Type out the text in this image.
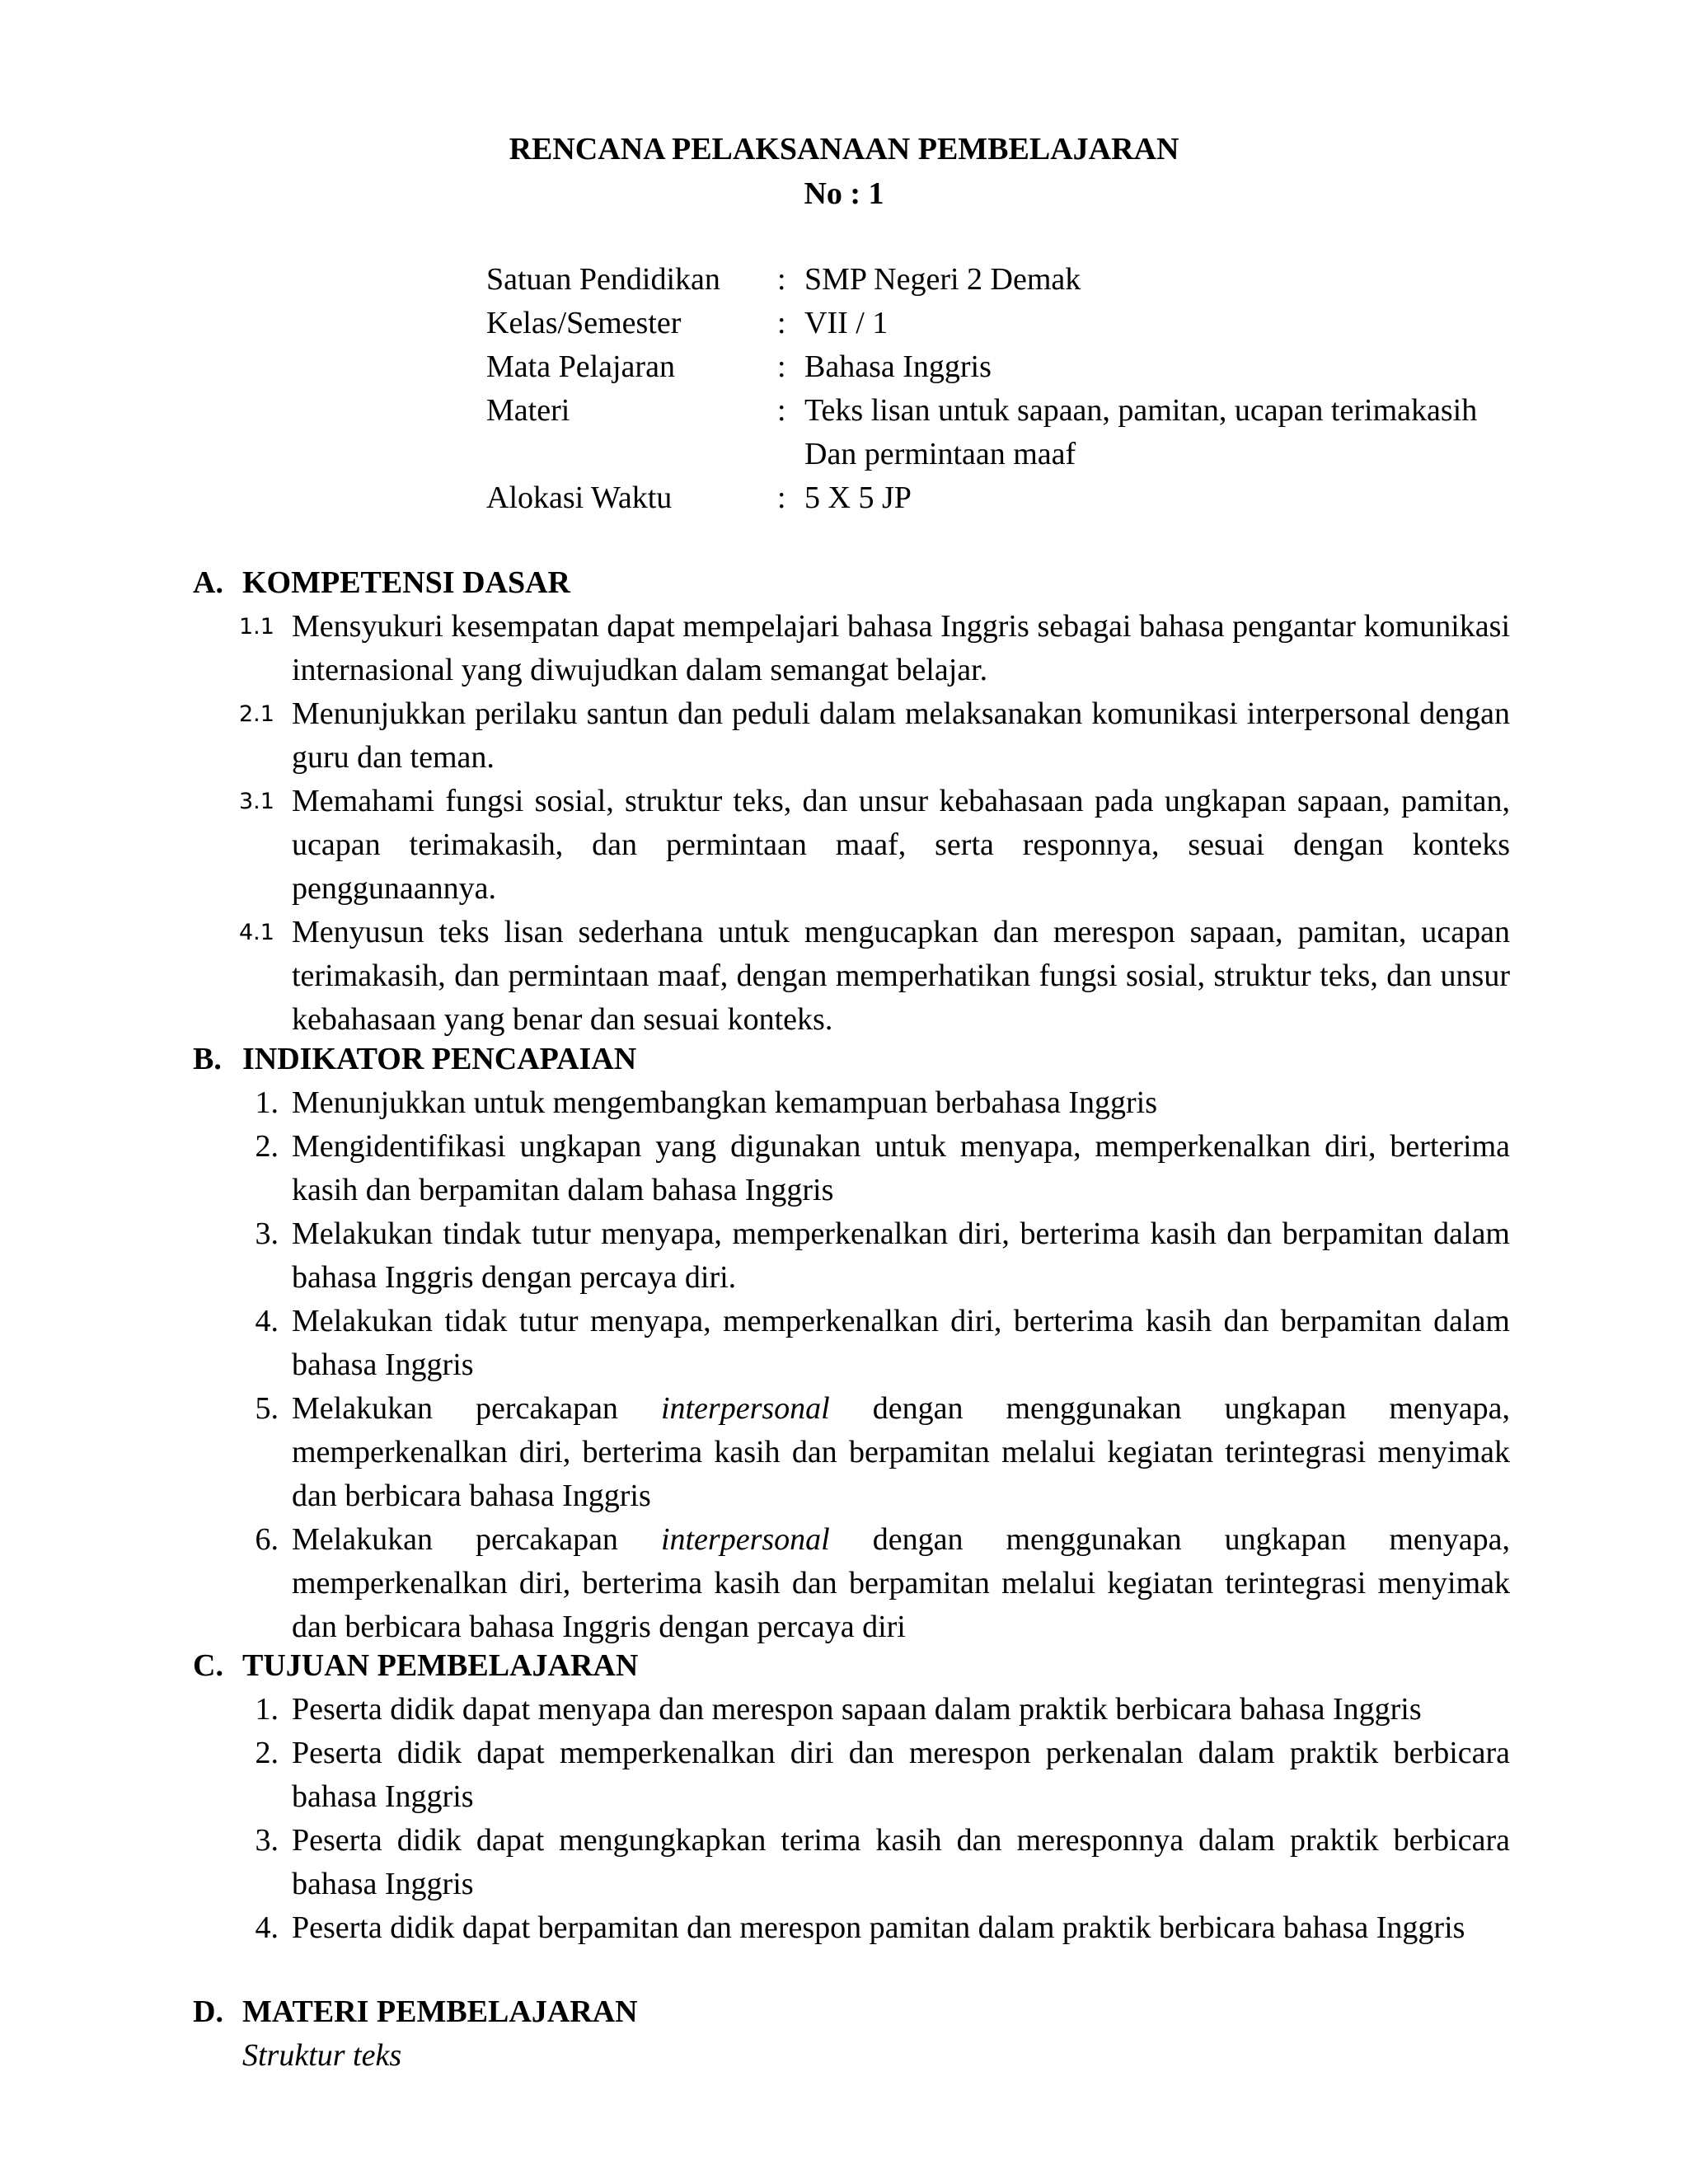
RENCANA PELAKSANAAN PEMBELAJARAN
No : 1
Satuan Pendidikan : SMP Negeri 2 Demak
Kelas/Semester	: VII / 1
Mata Pelajaran	: Bahasa Inggris
Materi	: Teks lisan untuk sapaan, pamitan, ucapan terimakasih Dan permintaan maaf
Alokasi Waktu	: 5 X 5 JP
A. KOMPETENSI DASAR
1.1 Mensyukuri kesempatan dapat mempelajari bahasa Inggris sebagai bahasa pengantar komunikasi internasional yang diwujudkan dalam semangat belajar.
2.1 Menunjukkan perilaku santun dan peduli dalam melaksanakan komunikasi interpersonal dengan guru dan teman.
3.1 Memahami fungsi sosial, struktur teks, dan unsur kebahasaan pada ungkapan sapaan, pamitan, ucapan terimakasih, dan permintaan maaf, serta responnya, sesuai dengan konteks penggunaannya.
4.1 Menyusun teks lisan sederhana untuk mengucapkan dan merespon sapaan, pamitan, ucapan terimakasih, dan permintaan maaf, dengan memperhatikan fungsi sosial, struktur teks, dan unsur kebahasaan yang benar dan sesuai konteks.
B. INDIKATOR PENCAPAIAN
1. Menunjukkan untuk mengembangkan kemampuan berbahasa Inggris
2. Mengidentifikasi ungkapan yang digunakan untuk menyapa, memperkenalkan diri, berterima kasih dan berpamitan dalam bahasa Inggris
3. Melakukan tindak tutur menyapa, memperkenalkan diri, berterima kasih dan berpamitan dalam bahasa Inggris dengan percaya diri.
4. Melakukan tidak tutur menyapa, memperkenalkan diri, berterima kasih dan berpamitan dalam bahasa Inggris
5. Melakukan percakapan interpersonal dengan menggunakan ungkapan menyapa, memperkenalkan diri, berterima kasih dan berpamitan melalui kegiatan terintegrasi menyimak dan berbicara bahasa Inggris
6. Melakukan percakapan interpersonal dengan menggunakan ungkapan menyapa, memperkenalkan diri, berterima kasih dan berpamitan melalui kegiatan terintegrasi menyimak dan berbicara bahasa Inggris dengan percaya diri
C. TUJUAN PEMBELAJARAN
1. Peserta didik dapat menyapa dan merespon sapaan dalam praktik berbicara bahasa Inggris
2. Peserta didik dapat memperkenalkan diri dan merespon perkenalan dalam praktik berbicara bahasa Inggris
3. Peserta didik dapat mengungkapkan terima kasih dan meresponnya dalam praktik berbicara bahasa Inggris
4. Peserta didik dapat berpamitan dan merespon pamitan dalam praktik berbicara bahasa Inggris
D. MATERI PEMBELAJARAN
Struktur teks
